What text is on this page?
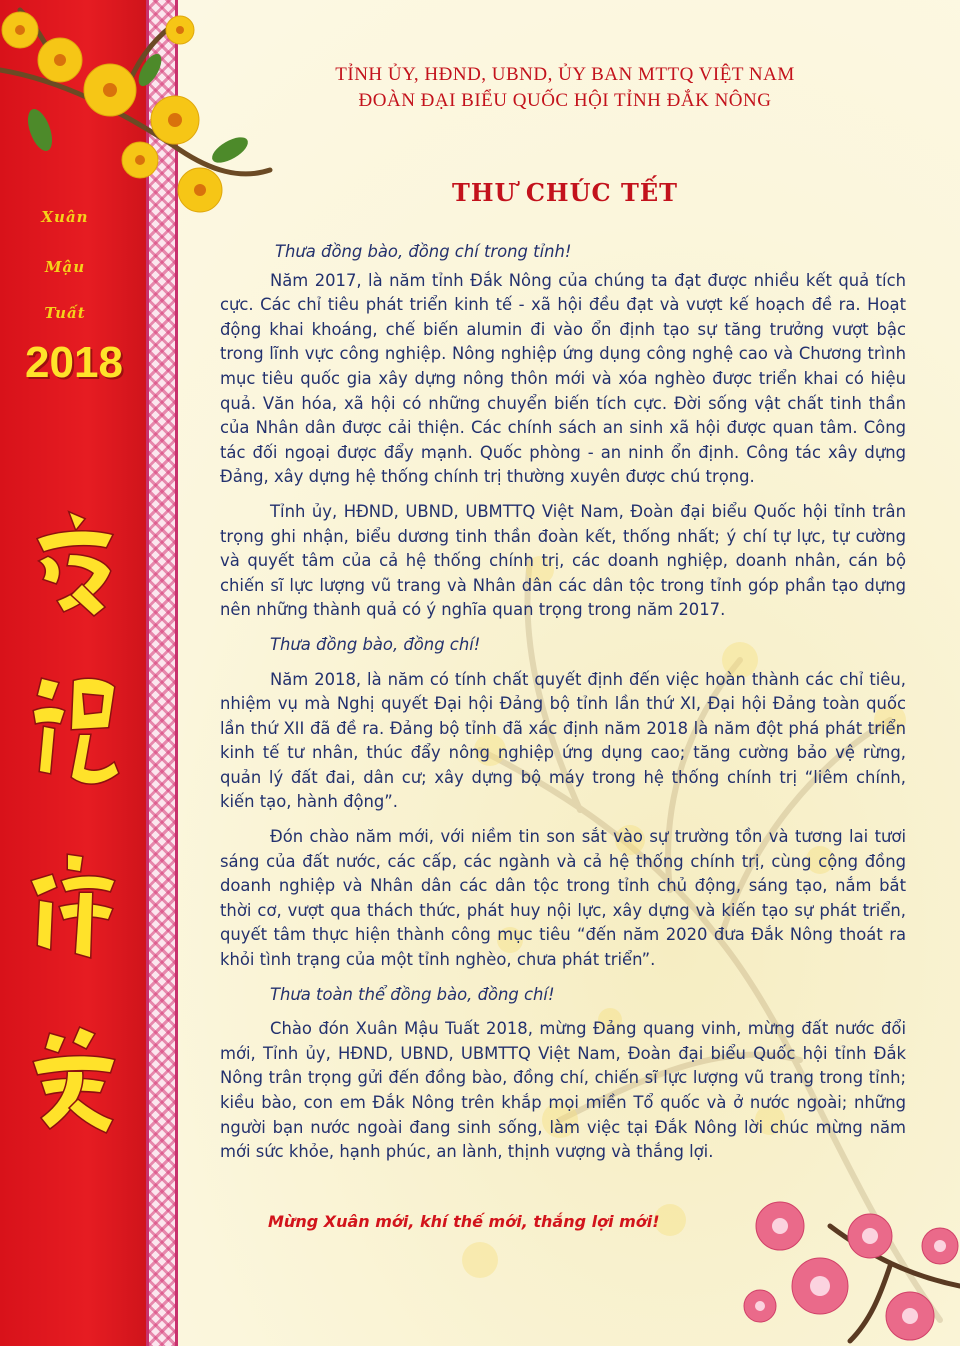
Xuân
Mậu
Tuất
2018
TỈNH ỦY, HĐND, UBND, ỦY BAN MTTQ VIỆT NAM
ĐOÀN ĐẠI BIỂU QUỐC HỘI TỈNH ĐẮK NÔNG
THƯ CHÚC TẾT

Thưa đồng bào, đồng chí trong tỉnh!

Năm 2017, là năm tỉnh Đắk Nông của chúng ta đạt được nhiều kết quả tích cực. Các chỉ tiêu phát triển kinh tế - xã hội đều đạt và vượt kế hoạch đề ra. Hoạt động khai khoáng, chế biến alumin đi vào ổn định tạo sự tăng trưởng vượt bậc trong lĩnh vực công nghiệp. Nông nghiệp ứng dụng công nghệ cao và Chương trình mục tiêu quốc gia xây dựng nông thôn mới và xóa nghèo được triển khai có hiệu quả. Văn hóa, xã hội có những chuyển biến tích cực. Đời sống vật chất tinh thần của Nhân dân được cải thiện. Các chính sách an sinh xã hội được quan tâm. Công tác đối ngoại được đẩy mạnh. Quốc phòng - an ninh ổn định. Công tác xây dựng Đảng, xây dựng hệ thống chính trị thường xuyên được chú trọng.

Tỉnh ủy, HĐND, UBND, UBMTTQ Việt Nam, Đoàn đại biểu Quốc hội tỉnh trân trọng ghi nhận, biểu dương tinh thần đoàn kết, thống nhất; ý chí tự lực, tự cường và quyết tâm của cả hệ thống chính trị, các doanh nghiệp, doanh nhân, cán bộ chiến sĩ lực lượng vũ trang và Nhân dân các dân tộc trong tỉnh góp phần tạo dựng nên những thành quả có ý nghĩa quan trọng trong năm 2017.

Thưa đồng bào, đồng chí!

Năm 2018, là năm có tính chất quyết định đến việc hoàn thành các chỉ tiêu, nhiệm vụ mà Nghị quyết Đại hội Đảng bộ tỉnh lần thứ XI, Đại hội Đảng toàn quốc lần thứ XII đã đề ra. Đảng bộ tỉnh đã xác định năm 2018 là năm đột phá phát triển kinh tế tư nhân, thúc đẩy nông nghiệp ứng dụng cao; tăng cường bảo vệ rừng, quản lý đất đai, dân cư; xây dựng bộ máy trong hệ thống chính trị “liêm chính, kiến tạo, hành động”.

Đón chào năm mới, với niềm tin son sắt vào sự trường tồn và tương lai tươi sáng của đất nước, các cấp, các ngành và cả hệ thống chính trị, cùng cộng đồng doanh nghiệp và Nhân dân các dân tộc trong tỉnh chủ động, sáng tạo, nắm bắt thời cơ, vượt qua thách thức, phát huy nội lực, xây dựng và kiến tạo sự phát triển, quyết tâm thực hiện thành công mục tiêu “đến năm 2020 đưa Đắk Nông thoát ra khỏi tình trạng của một tỉnh nghèo, chưa phát triển”.

Thưa toàn thể đồng bào, đồng chí!

Chào đón Xuân Mậu Tuất 2018, mừng Đảng quang vinh, mừng đất nước đổi mới, Tỉnh ủy, HĐND, UBND, UBMTTQ Việt Nam, Đoàn đại biểu Quốc hội tỉnh Đắk Nông trân trọng gửi đến đồng bào, đồng chí, chiến sĩ lực lượng vũ trang trong tỉnh; kiều bào, con em Đắk Nông trên khắp mọi miền Tổ quốc và ở nước ngoài; những người bạn nước ngoài đang sinh sống, làm việc tại Đắk Nông lời chúc mừng năm mới sức khỏe, hạnh phúc, an lành, thịnh vượng và thắng lợi.

Mừng Xuân mới, khí thế mới, thắng lợi mới!
